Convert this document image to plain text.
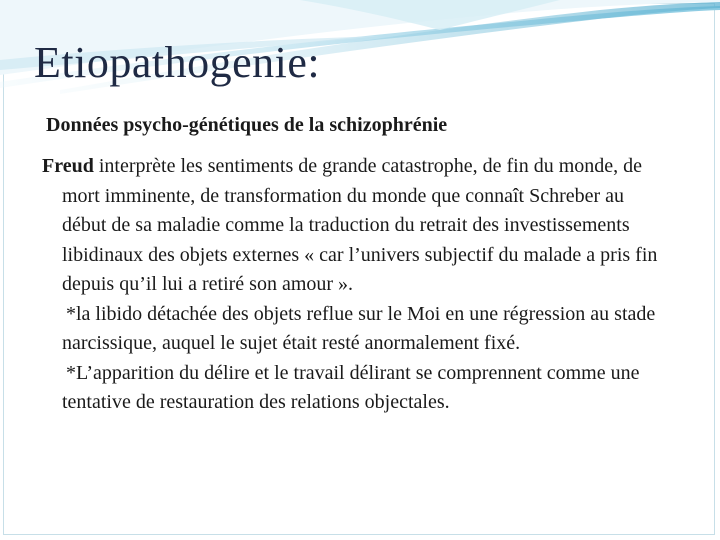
Etiopathogenie:
Données psycho-génétiques de la schizophrénie

Freud interprète les sentiments de grande catastrophe, de fin du monde, de mort imminente, de transformation du monde que connaît Schreber au début de sa maladie comme la traduction du retrait des investissements libidinaux des objets externes « car l’univers subjectif du malade a pris fin depuis qu’il lui a retiré son amour ».

*la libido détachée des objets reflue sur le Moi en une régression au stade narcissique, auquel le sujet était resté anormalement fixé.

*L’apparition du délire et le travail délirant se comprennent comme une tentative de restauration des relations objectales.
